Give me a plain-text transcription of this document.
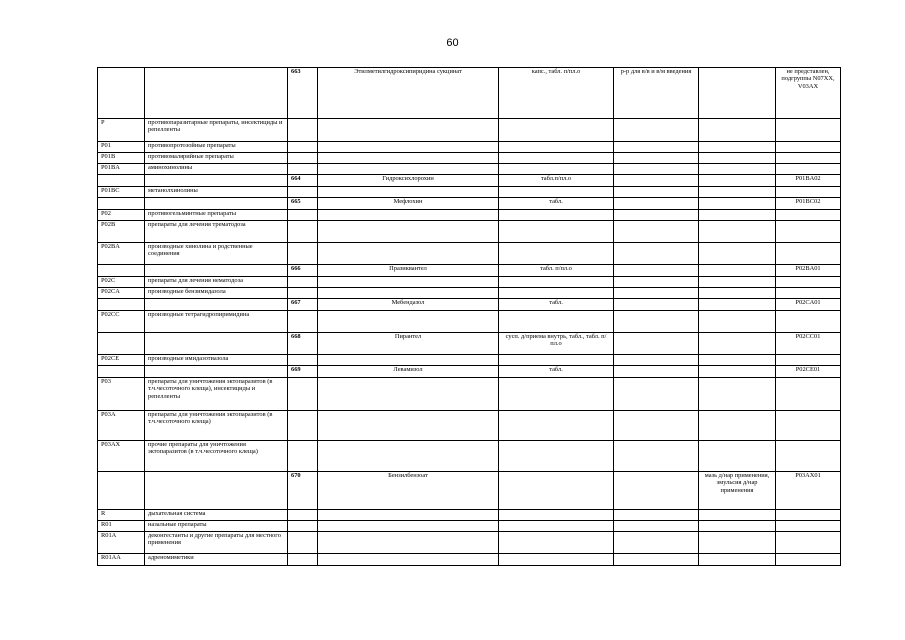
60
		663	Этилметилгидроксипиридина сукцинат	капс., табл. п/пл.о	р-р для в/в и в/м введения		не представлен, подгруппы N07XX, V03AX
P	противопаразитарные препараты, инсектициды и репелленты						
P01	противопротозойные препараты						
P01B	противомалярийные препараты						
P01BA	аминохинолины						
		664	Гидроксихлорохин	табл.п/пл.о			P01BA02
P01BC	метанолхинолины						
		665	Мефлохин	табл.			P01BC02
P02	противогельминтные препараты						
P02B	препараты для лечения трематодоза						
P02BA	производные хинолина и родственные соединения						
		666	Празиквантел	табл. п/пл.о			P02BA01
P02C	препараты для лечения нематодоза						
P02CA	производные бензимидазола						
		667	Мебендазол	табл.			P02CA01
P02CC	производные тетрагидропиримидина						
		668	Пирантел	сусп. д/приема внутрь, табл., табл. п/пл.о			P02CC01
P02CE	производные имидазотиазола						
		669	Левамизол	табл.			P02CE01
P03	препараты для уничтожения эктопаразитов (в т.ч.чесоточного клеща), инсектициды и репелленты						
P03A	препараты для уничтожения эктопаразитов (в т.ч.чесоточного клеща)						
P03AX	прочие препараты для уничтожения эктопаразитов (в т.ч.чесоточного клеща)						
		670	Бензилбензоат			мазь д/нар применения, эмульсия д/нар применения	P03AX01
R	дыхательная система						
R01	назальные препараты						
R01A	деконгестанты и другие препараты для местного применения						
R01AA	адреномиметики						
